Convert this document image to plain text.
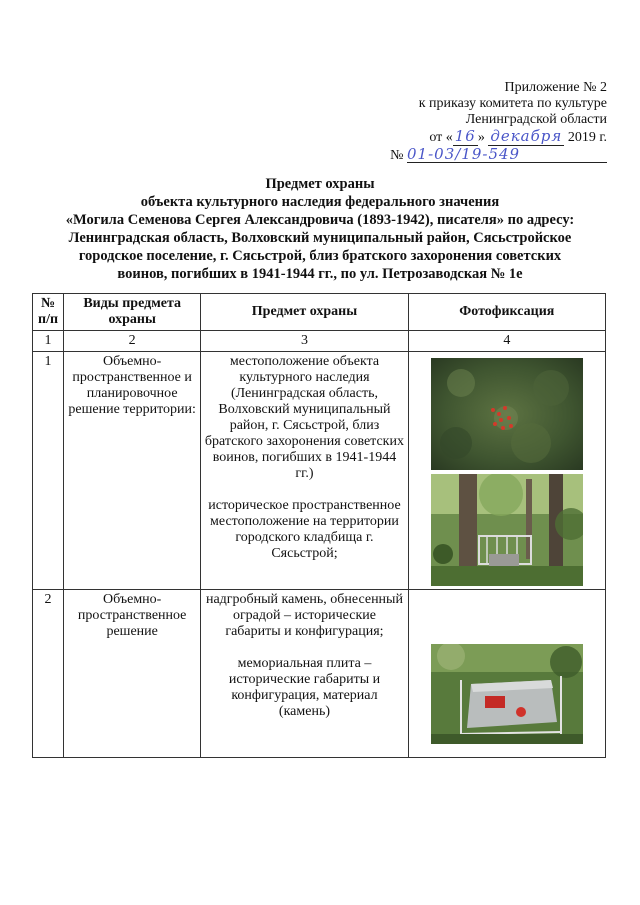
Приложение № 2
к приказу комитета по культуре
Ленинградской области
от « 16 » декабря 2019 г.
№ 01-03/19-549
Предмет охраны
объекта культурного наследия федерального значения
«Могила Семенова Сергея Александровича (1893-1942), писателя» по адресу:
Ленинградская область, Волховский муниципальный район, Сясьстройское
городское поселение, г. Сясьстрой, близ братского захоронения советских
воинов, погибших в 1941-1944 гг., по ул. Петрозаводская № 1е
№ п/п	Виды предмета охраны	Предмет охраны	Фотофиксация
1	2	3	4
1	Объемно-пространственное и планировочное решение территории:	местоположение объекта культурного наследия (Ленинградская область, Волховский муниципальный район, г. Сясьстрой, близ братского захоронения советских воинов, погибших в 1941-1944 гг.)
историческое пространственное местоположение на территории городского кладбища г. Сясьстрой;

2	Объемно-пространственное решение	надгробный камень, обнесенный оградой – исторические габариты и конфигурация;
мемориальная плита – исторические габариты и конфигурация, материал (камень)
